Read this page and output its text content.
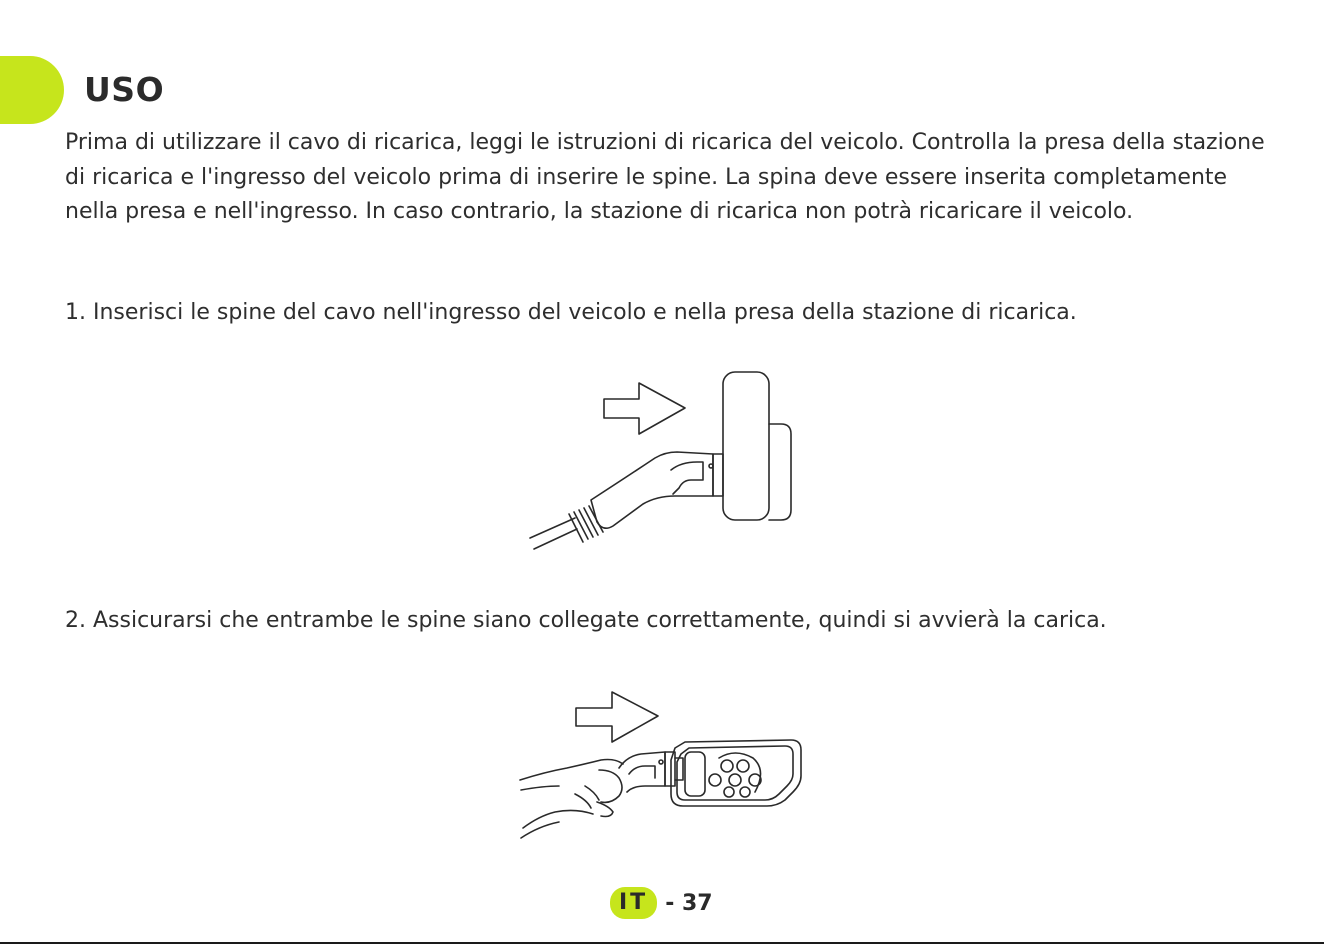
USO
Prima di utilizzare il cavo di ricarica, leggi le istruzioni di ricarica del veicolo. Controlla la presa della stazione di ricarica e l'ingresso del veicolo prima di inserire le spine. La spina deve essere inserita completamente nella presa e nell'ingresso. In caso contrario, la stazione di ricarica non potrà ricaricare il veicolo.
1. Inserisci le spine del cavo nell'ingresso del veicolo e nella presa della stazione di ricarica.
2. Assicurarsi che entrambe le spine siano collegate correttamente, quindi si avvierà la carica.
IT - 37
